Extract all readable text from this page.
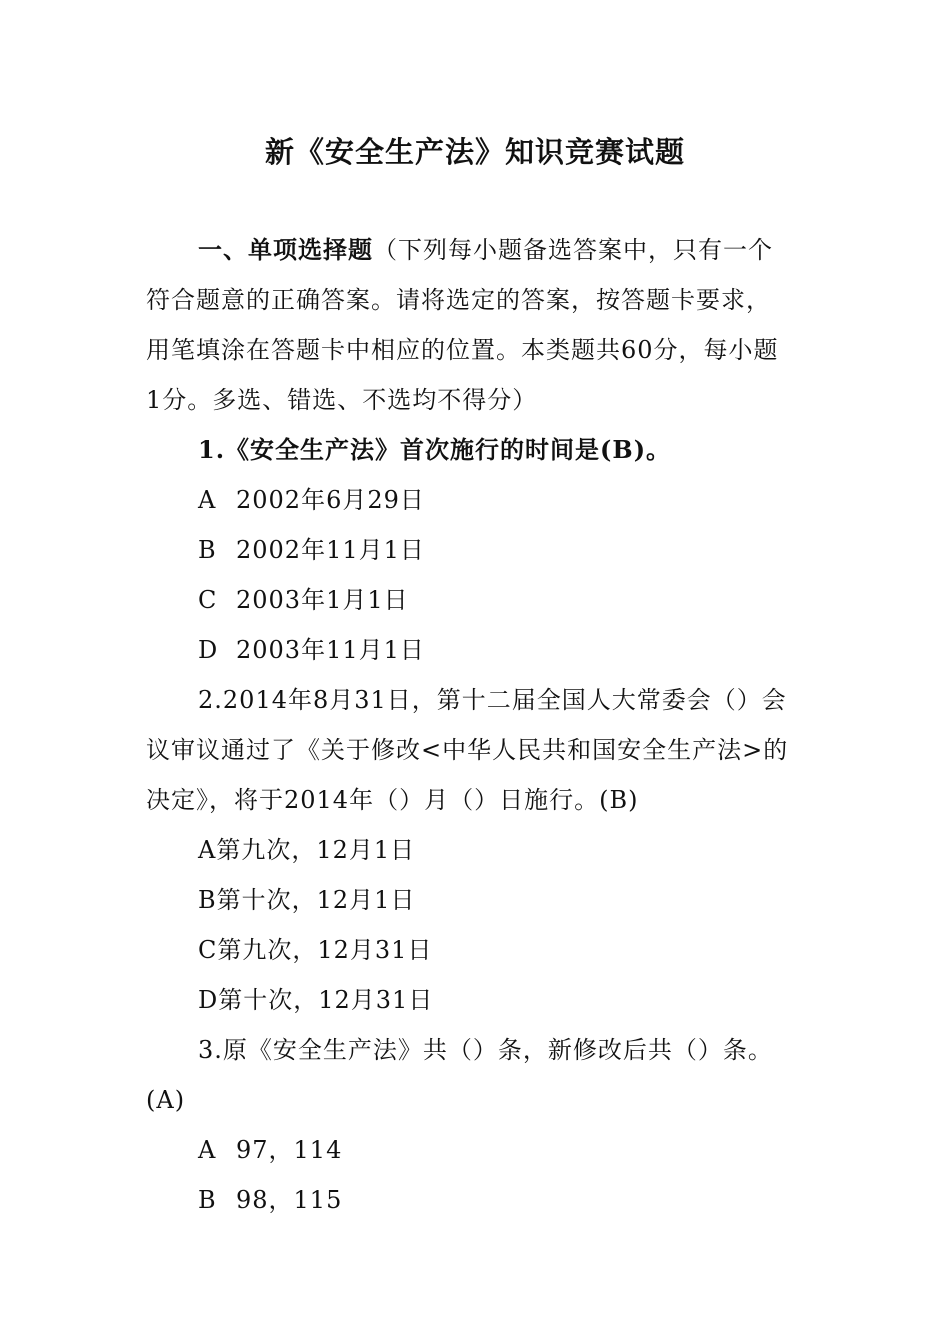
新《安全生产法》知识竞赛试题
一、单项选择题（下列每小题备选答案中，只有一个
符合题意的正确答案。请将选定的答案，按答题卡要求，
用笔填涂在答题卡中相应的位置。本类题共60分，每小题
1分。多选、错选、不选均不得分）
1.《安全生产法》首次施行的时间是(B)。
A 2002年6月29日
B 2002年11月1日
C 2003年1月1日
D 2003年11月1日
2.2014年8月31日，第十二届全国人大常委会（）会
议审议通过了《关于修改<中华人民共和国安全生产法>的
决定》，将于2014年（）月（）日施行。(B)
A第九次，12月1日
B第十次，12月1日
C第九次，12月31日
D第十次，12月31日
3.原《安全生产法》共（）条，新修改后共（）条。
(A)
A 97，114
B 98，115
